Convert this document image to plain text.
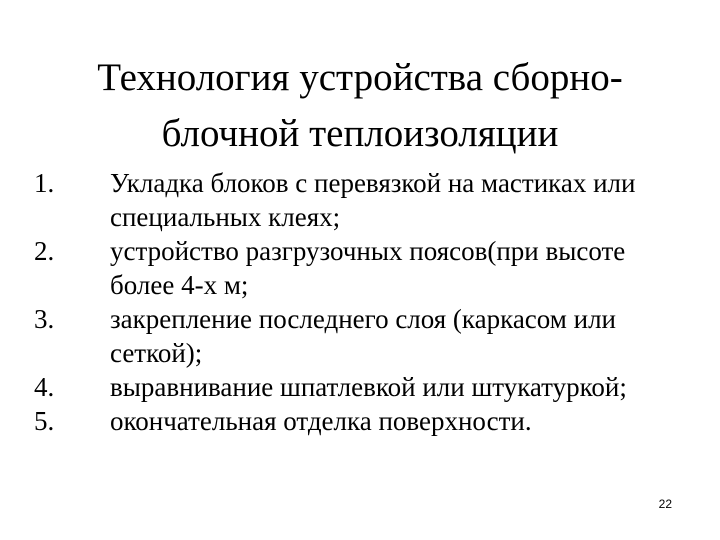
Технология устройства сборно-
блочной теплоизоляции
1. Укладка блоков с перевязкой на мастиках или специальных клеях;
2. устройство разгрузочных поясов(при высоте более 4-х м;
3. закрепление последнего слоя (каркасом или сеткой);
4. выравнивание шпатлевкой или штукатуркой;
5. окончательная отделка поверхности.
22
